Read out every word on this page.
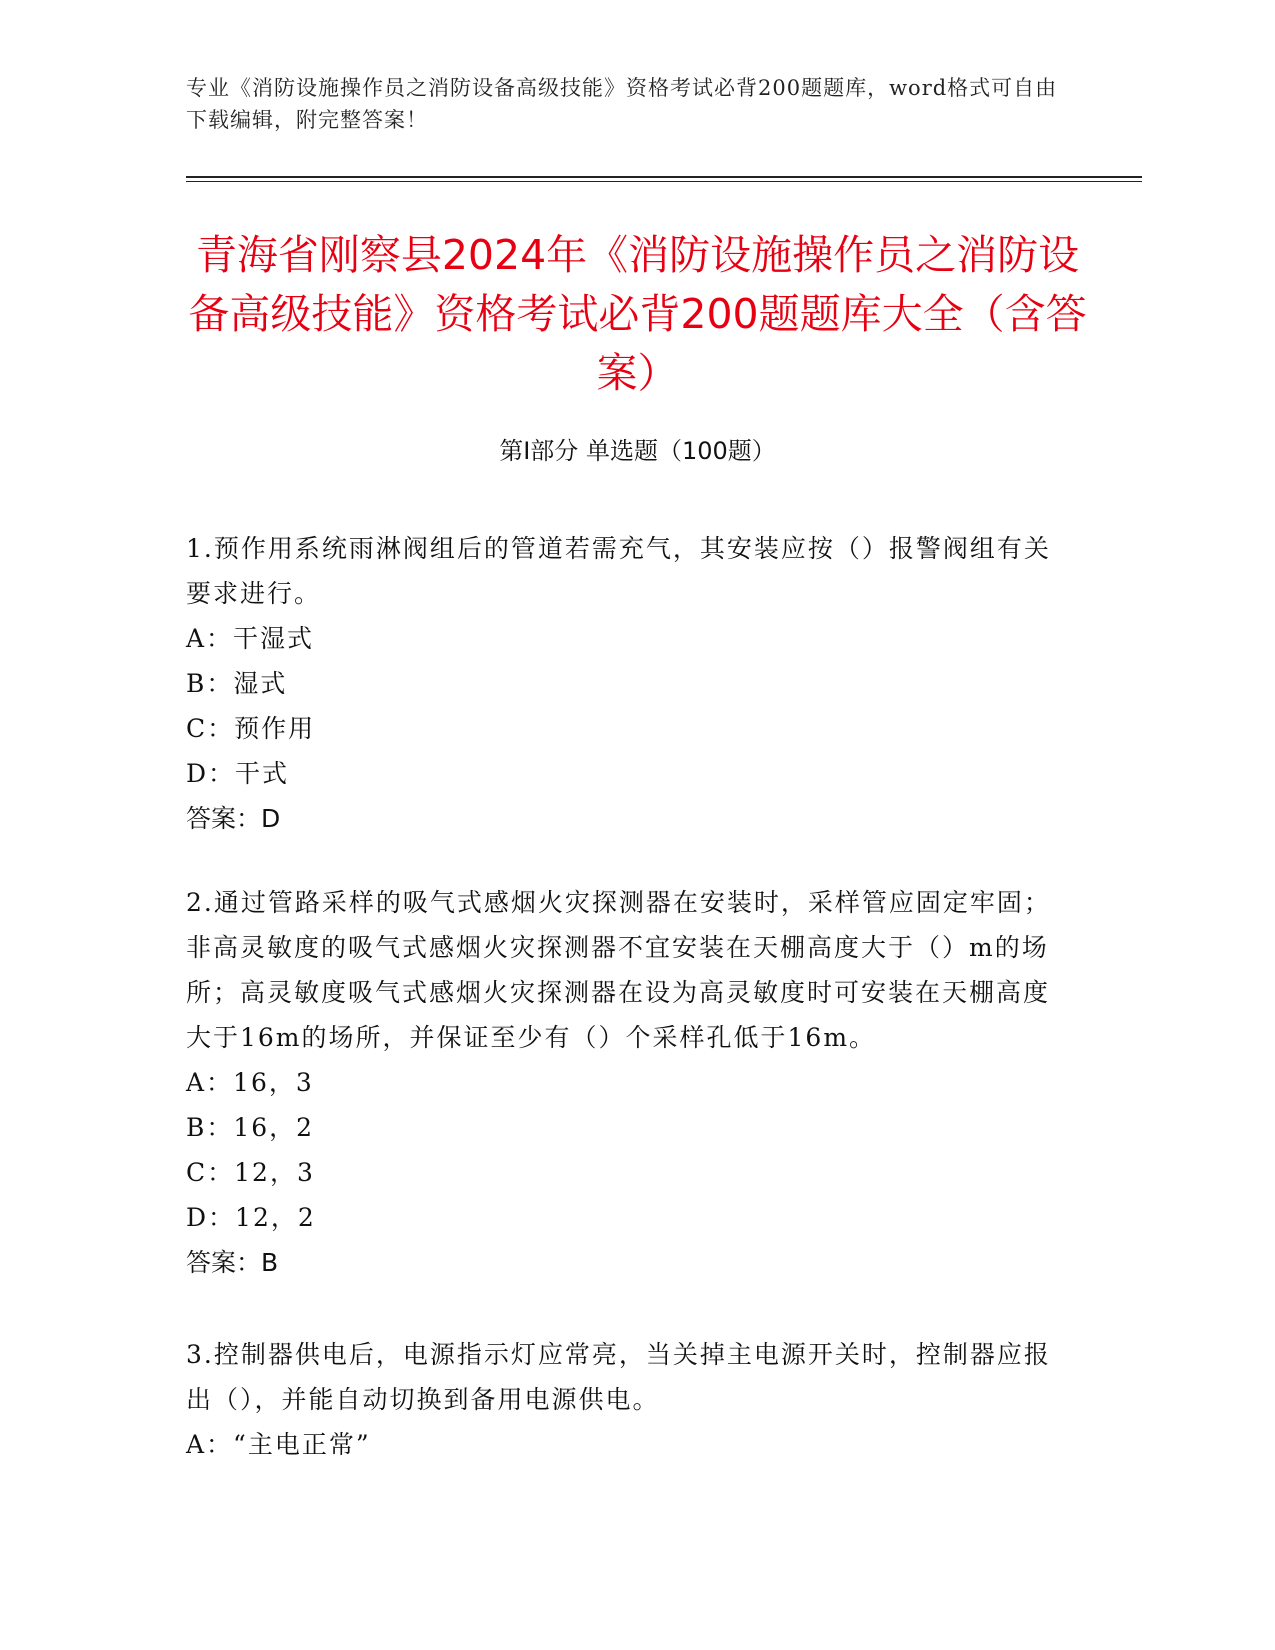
专业《消防设施操作员之消防设备高级技能》资格考试必背200题题库，word格式可自由下载编辑，附完整答案！
青海省刚察县2024年《消防设施操作员之消防设备高级技能》资格考试必背200题题库大全（含答案）
第Ⅰ部分 单选题（100题）

1.预作用系统雨淋阀组后的管道若需充气，其安装应按（）报警阀组有关要求进行。

A：干湿式

B：湿式

C：预作用

D：干式

答案：D

2.通过管路采样的吸气式感烟火灾探测器在安装时，采样管应固定牢固；非高灵敏度的吸气式感烟火灾探测器不宜安装在天棚高度大于（）m的场所；高灵敏度吸气式感烟火灾探测器在设为高灵敏度时可安装在天棚高度大于16m的场所，并保证至少有（）个采样孔低于16m。

A：16，3

B：16，2

C：12，3

D：12，2

答案：B

3.控制器供电后，电源指示灯应常亮，当关掉主电源开关时，控制器应报出（），并能自动切换到备用电源供电。

A：“主电正常”
